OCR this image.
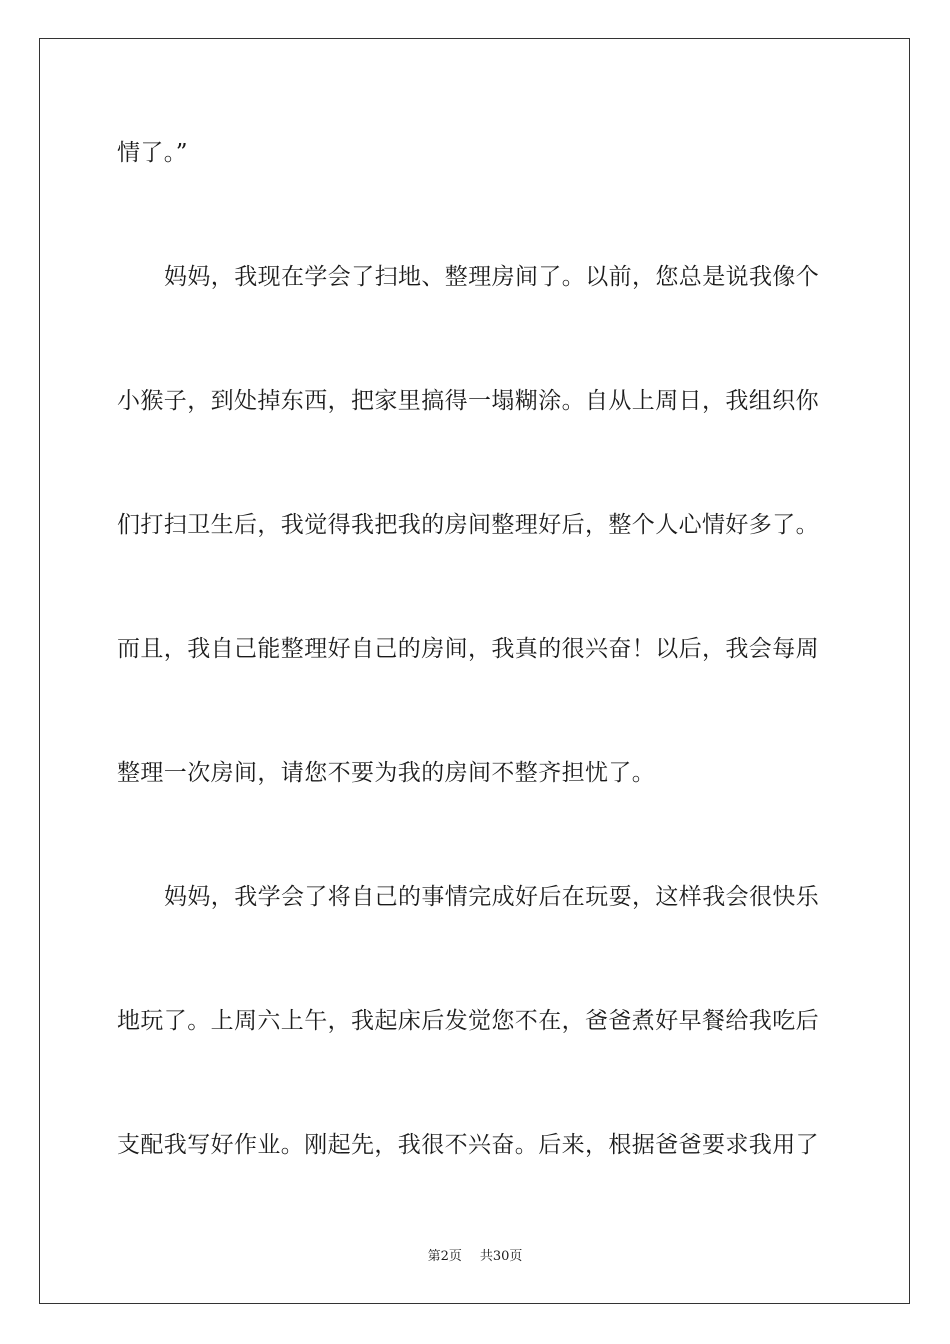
情了。”
妈妈，我现在学会了扫地、整理房间了。以前，您总是说我像个
小猴子，到处掉东西，把家里搞得一塌糊涂。自从上周日，我组织你
们打扫卫生后，我觉得我把我的房间整理好后，整个人心情好多了。
而且，我自己能整理好自己的房间，我真的很兴奋！以后，我会每周
整理一次房间，请您不要为我的房间不整齐担忧了。
妈妈，我学会了将自己的事情完成好后在玩耍，这样我会很快乐
地玩了。上周六上午，我起床后发觉您不在，爸爸煮好早餐给我吃后
支配我写好作业。刚起先，我很不兴奋。后来，根据爸爸要求我用了
第2页 共30页
